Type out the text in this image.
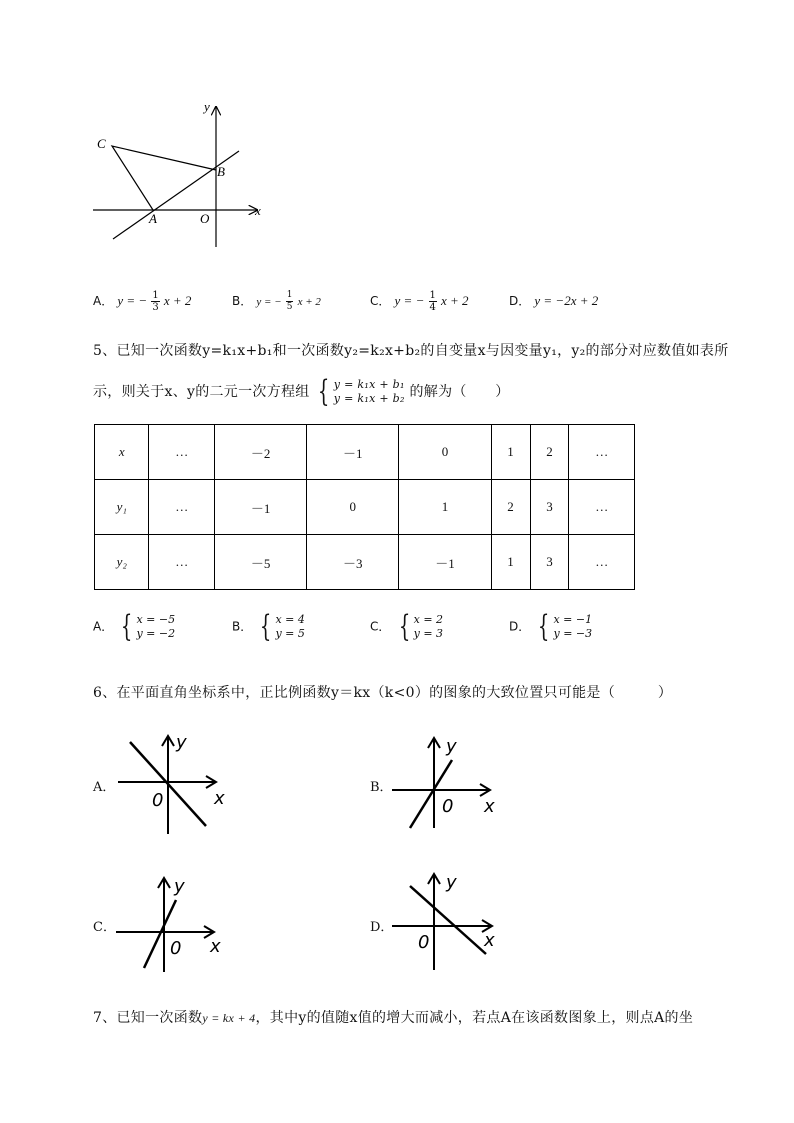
C
B
A	O
x
y
A． y = − $\frac{1}{3}$ x + 2	B． y = − $\frac{1}{5}$ x + 2	C． y = − $\frac{1}{4}$ x + 2	D． y = −2x + 2
5、已知一次函数y=k₁x+b₁和一次函数y₂=k₂x+b₂的自变量x与因变量y₁，y₂的部分对应数值如表所
示，则关于x、y的二元一次方程组 { y = k₁x + b₁
y = k₁x + b₂ 的解为（　　）
x	…	－2	－1	0	1	2	…
y₁	…	－1	0	1	2	3	…
y₂	…	－5	－3	－1	1	3	…
A． { x = −5
y = −2	B． { x = 4
y = 5	C． { x = 2
y = 3	D． { x = −1
y = −3
6、在平面直角坐标系中，正比例函数y＝kx（k<0）的图象的大致位置只可能是（　　　）
A．
y
x
0
B．
y
x
0
C．
y
x
0
D．
y
x
0
7、已知一次函数y = kx + 4，其中y的值随x值的增大而减小，若点A在该函数图象上，则点A的坐
